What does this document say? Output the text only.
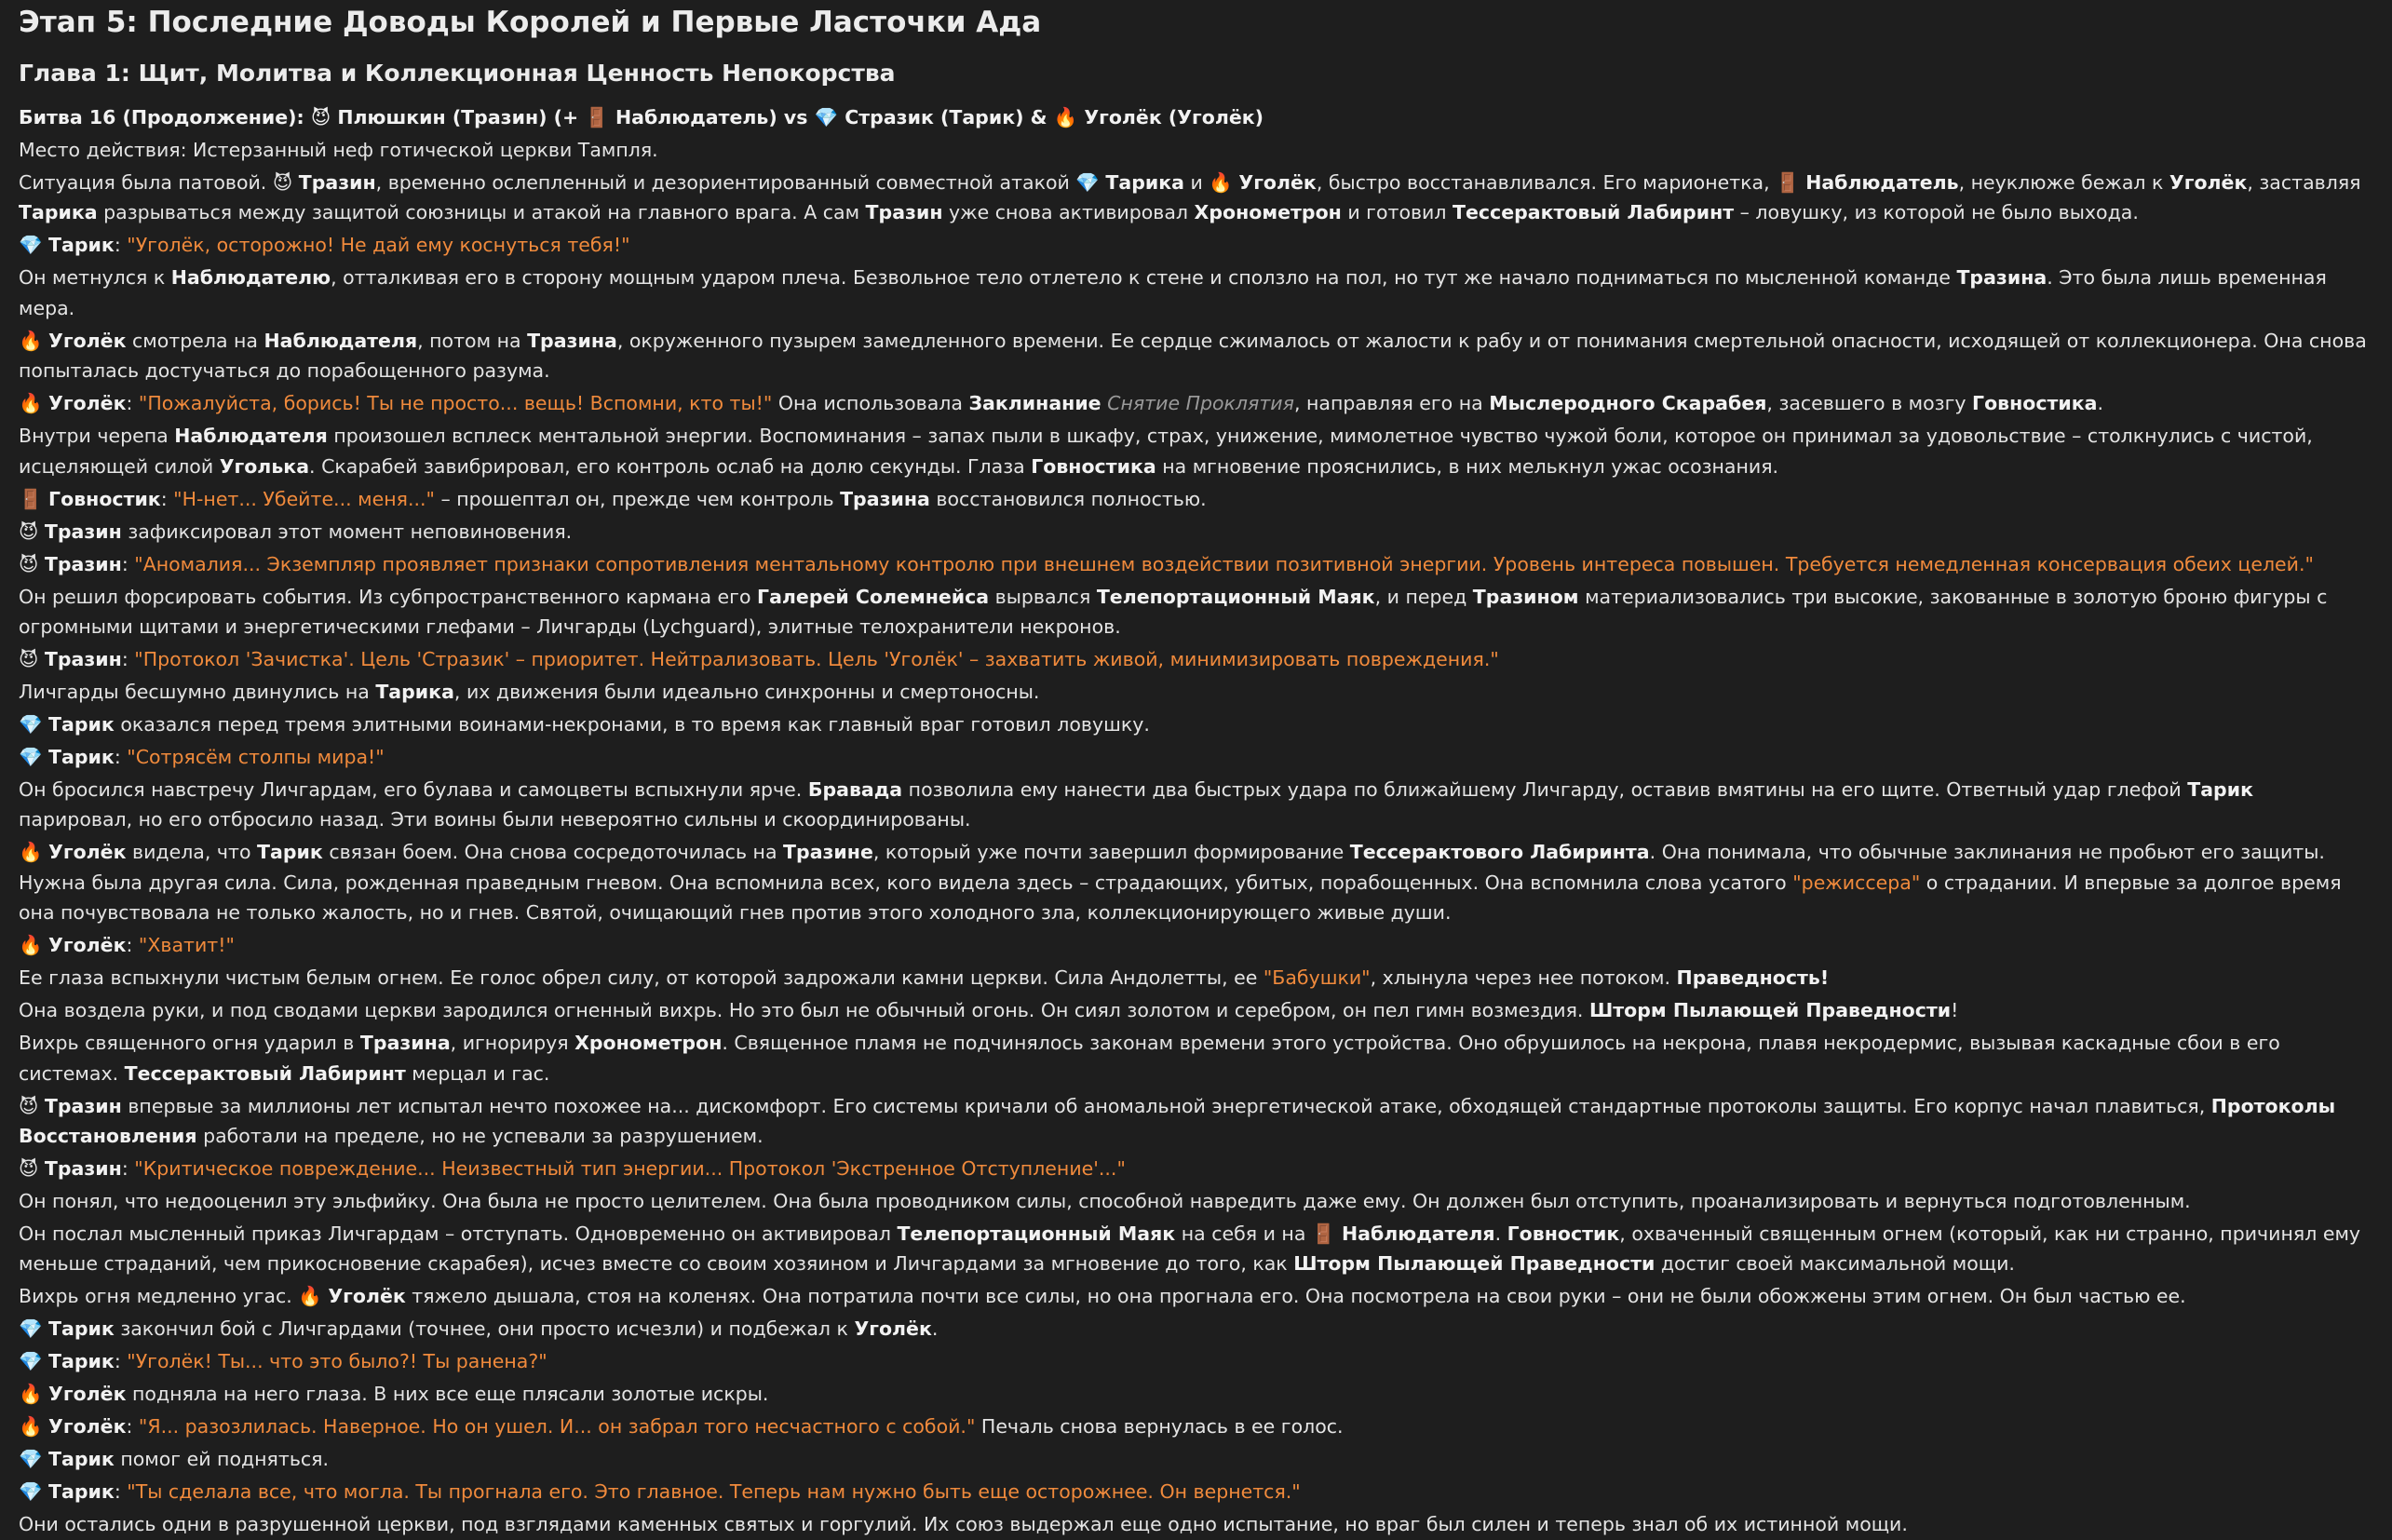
Этап 5: Последние Доводы Королей и Первые Ласточки Ада
Глава 1: Щит, Молитва и Коллекционная Ценность Непокорства
Битва 16 (Продолжение): 😈 Плюшкин (Тразин) (+ 🚪 Наблюдатель) vs 💎 Стразик (Тарик) & 🔥 Уголёк (Уголёк)
Место действия: Истерзанный неф готической церкви Тампля.
Ситуация была патовой. 😈 Тразин, временно ослепленный и дезориентированный совместной атакой 💎 Тарика и 🔥 Уголёк, быстро восстанавливался. Его марионетка, 🚪 Наблюдатель, неуклюже бежал к Уголёк, заставляя Тарика разрываться между защитой союзницы и атакой на главного врага. А сам Тразин уже снова активировал Хронометрон и готовил Тессерактовый Лабиринт – ловушку, из которой не было выхода.
💎 Тарик: "Уголёк, осторожно! Не дай ему коснуться тебя!"
Он метнулся к Наблюдателю, отталкивая его в сторону мощным ударом плеча. Безвольное тело отлетело к стене и сползло на пол, но тут же начало подниматься по мысленной команде Тразина. Это была лишь временная мера.
🔥 Уголёк смотрела на Наблюдателя, потом на Тразина, окруженного пузырем замедленного времени. Ее сердце сжималось от жалости к рабу и от понимания смертельной опасности, исходящей от коллекционера. Она снова попыталась достучаться до порабощенного разума.
🔥 Уголёк: "Пожалуйста, борись! Ты не просто... вещь! Вспомни, кто ты!" Она использовала Заклинание Снятие Проклятия, направляя его на Мыслеродного Скарабея, засевшего в мозгу Говностика.
Внутри черепа Наблюдателя произошел всплеск ментальной энергии. Воспоминания – запах пыли в шкафу, страх, унижение, мимолетное чувство чужой боли, которое он принимал за удовольствие – столкнулись с чистой, исцеляющей силой Уголька. Скарабей завибрировал, его контроль ослаб на долю секунды. Глаза Говностика на мгновение прояснились, в них мелькнул ужас осознания.
🚪 Говностик: "Н-нет... Убейте... меня..." – прошептал он, прежде чем контроль Тразина восстановился полностью.
😈 Тразин зафиксировал этот момент неповиновения.
😈 Тразин: "Аномалия... Экземпляр проявляет признаки сопротивления ментальному контролю при внешнем воздействии позитивной энергии. Уровень интереса повышен. Требуется немедленная консервация обеих целей."
Он решил форсировать события. Из субпространственного кармана его Галерей Солемнейса вырвался Телепортационный Маяк, и перед Тразином материализовались три высокие, закованные в золотую броню фигуры с огромными щитами и энергетическими глефами – Личгарды (Lychguard), элитные телохранители некронов.
😈 Тразин: "Протокол 'Зачистка'. Цель 'Стразик' – приоритет. Нейтрализовать. Цель 'Уголёк' – захватить живой, минимизировать повреждения."
Личгарды бесшумно двинулись на Тарика, их движения были идеально синхронны и смертоносны.
💎 Тарик оказался перед тремя элитными воинами-некронами, в то время как главный враг готовил ловушку.
💎 Тарик: "Сотрясём столпы мира!"
Он бросился навстречу Личгардам, его булава и самоцветы вспыхнули ярче. Бравада позволила ему нанести два быстрых удара по ближайшему Личгарду, оставив вмятины на его щите. Ответный удар глефой Тарик парировал, но его отбросило назад. Эти воины были невероятно сильны и скоординированы.
🔥 Уголёк видела, что Тарик связан боем. Она снова сосредоточилась на Тразине, который уже почти завершил формирование Тессерактового Лабиринта. Она понимала, что обычные заклинания не пробьют его защиты. Нужна была другая сила. Сила, рожденная праведным гневом. Она вспомнила всех, кого видела здесь – страдающих, убитых, порабощенных. Она вспомнила слова усатого "режиссера" о страдании. И впервые за долгое время она почувствовала не только жалость, но и гнев. Святой, очищающий гнев против этого холодного зла, коллекционирующего живые души.
🔥 Уголёк: "Хватит!"
Ее глаза вспыхнули чистым белым огнем. Ее голос обрел силу, от которой задрожали камни церкви. Сила Андолетты, ее "Бабушки", хлынула через нее потоком. Праведность!
Она воздела руки, и под сводами церкви зародился огненный вихрь. Но это был не обычный огонь. Он сиял золотом и серебром, он пел гимн возмездия. Шторм Пылающей Праведности!
Вихрь священного огня ударил в Тразина, игнорируя Хронометрон. Священное пламя не подчинялось законам времени этого устройства. Оно обрушилось на некрона, плавя некродермис, вызывая каскадные сбои в его системах. Тессерактовый Лабиринт мерцал и гас.
😈 Тразин впервые за миллионы лет испытал нечто похожее на... дискомфорт. Его системы кричали об аномальной энергетической атаке, обходящей стандартные протоколы защиты. Его корпус начал плавиться, Протоколы Восстановления работали на пределе, но не успевали за разрушением.
😈 Тразин: "Критическое повреждение... Неизвестный тип энергии... Протокол 'Экстренное Отступление'..."
Он понял, что недооценил эту эльфийку. Она была не просто целителем. Она была проводником силы, способной навредить даже ему. Он должен был отступить, проанализировать и вернуться подготовленным.
Он послал мысленный приказ Личгардам – отступать. Одновременно он активировал Телепортационный Маяк на себя и на 🚪 Наблюдателя. Говностик, охваченный священным огнем (который, как ни странно, причинял ему меньше страданий, чем прикосновение скарабея), исчез вместе со своим хозяином и Личгардами за мгновение до того, как Шторм Пылающей Праведности достиг своей максимальной мощи.
Вихрь огня медленно угас. 🔥 Уголёк тяжело дышала, стоя на коленях. Она потратила почти все силы, но она прогнала его. Она посмотрела на свои руки – они не были обожжены этим огнем. Он был частью ее.
💎 Тарик закончил бой с Личгардами (точнее, они просто исчезли) и подбежал к Уголёк.
💎 Тарик: "Уголёк! Ты... что это было?! Ты ранена?"
🔥 Уголёк подняла на него глаза. В них все еще плясали золотые искры.
🔥 Уголёк: "Я... разозлилась. Наверное. Но он ушел. И... он забрал того несчастного с собой." Печаль снова вернулась в ее голос.
💎 Тарик помог ей подняться.
💎 Тарик: "Ты сделала все, что могла. Ты прогнала его. Это главное. Теперь нам нужно быть еще осторожнее. Он вернется."
Они остались одни в разрушенной церкви, под взглядами каменных святых и горгулий. Их союз выдержал еще одно испытание, но враг был силен и теперь знал об их истинной мощи.
